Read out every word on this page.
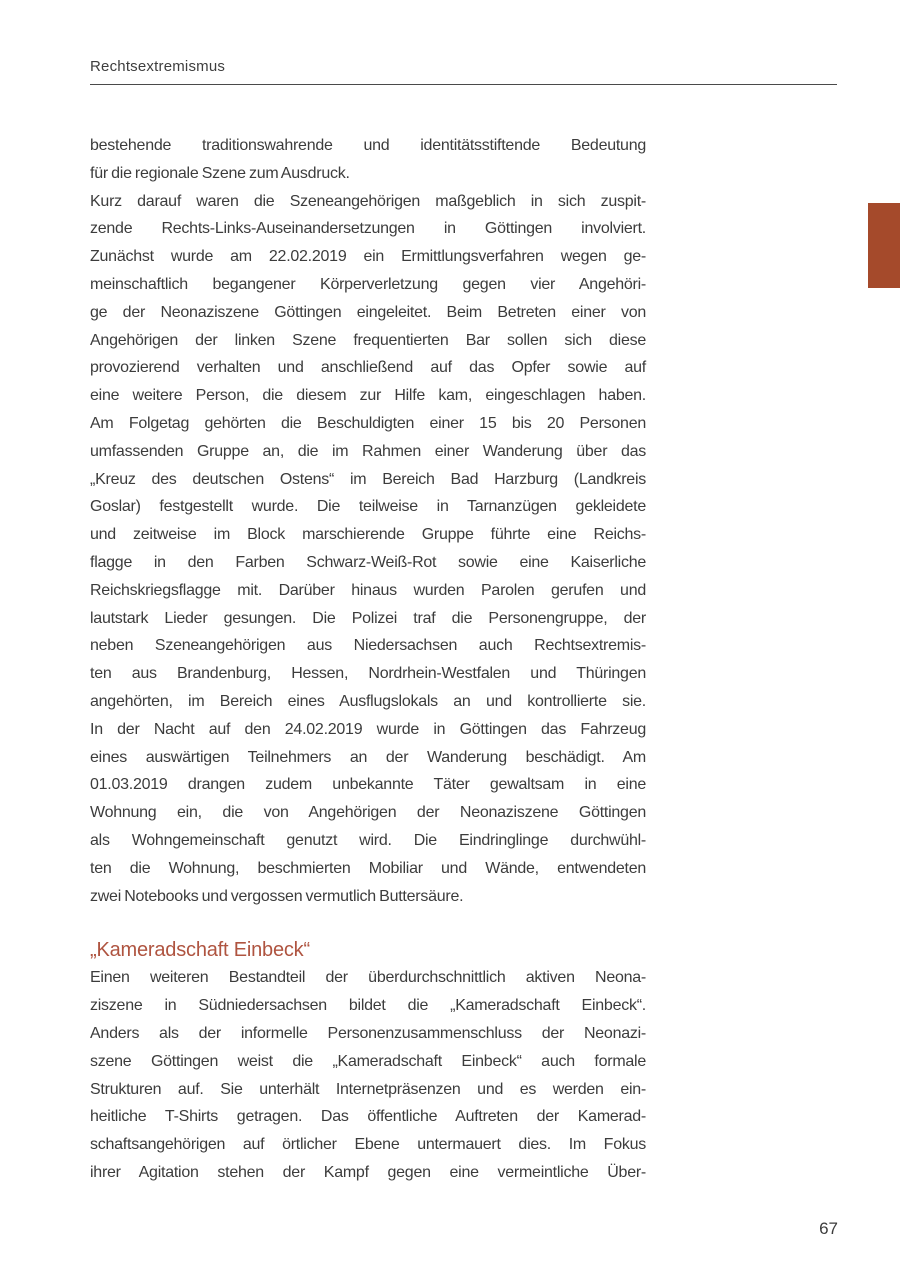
Rechtsextremismus
bestehende traditionswahrende und identitätsstiftende Bedeutung
für die regionale Szene zum Ausdruck.
Kurz darauf waren die Szeneangehörigen maßgeblich in sich zuspit-
zende Rechts-Links-Auseinandersetzungen in Göttingen involviert.
Zunächst wurde am 22.02.2019 ein Ermittlungsverfahren wegen ge-
meinschaftlich begangener Körperverletzung gegen vier Angehöri-
ge der Neonaziszene Göttingen eingeleitet. Beim Betreten einer von
Angehörigen der linken Szene frequentierten Bar sollen sich diese
provozierend verhalten und anschließend auf das Opfer sowie auf
eine weitere Person, die diesem zur Hilfe kam, eingeschlagen haben.
Am Folgetag gehörten die Beschuldigten einer 15 bis 20 Personen
umfassenden Gruppe an, die im Rahmen einer Wanderung über das
„Kreuz des deutschen Ostens“ im Bereich Bad Harzburg (Landkreis
Goslar) festgestellt wurde. Die teilweise in Tarnanzügen gekleidete
und zeitweise im Block marschierende Gruppe führte eine Reichs-
flagge in den Farben Schwarz-Weiß-Rot sowie eine Kaiserliche
Reichskriegsflagge mit. Darüber hinaus wurden Parolen gerufen und
lautstark Lieder gesungen. Die Polizei traf die Personengruppe, der
neben Szeneangehörigen aus Niedersachsen auch Rechtsextremis-
ten aus Brandenburg, Hessen, Nordrhein-Westfalen und Thüringen
angehörten, im Bereich eines Ausflugslokals an und kontrollierte sie.
In der Nacht auf den 24.02.2019 wurde in Göttingen das Fahrzeug
eines auswärtigen Teilnehmers an der Wanderung beschädigt. Am
01.03.2019 drangen zudem unbekannte Täter gewaltsam in eine
Wohnung ein, die von Angehörigen der Neonaziszene Göttingen
als Wohngemeinschaft genutzt wird. Die Eindringlinge durchwühl-
ten die Wohnung, beschmierten Mobiliar und Wände, entwendeten
zwei Notebooks und vergossen vermutlich Buttersäure.
„Kameradschaft Einbeck“
Einen weiteren Bestandteil der überdurchschnittlich aktiven Neona-
ziszene in Südniedersachsen bildet die „Kameradschaft Einbeck“.
Anders als der informelle Personenzusammenschluss der Neonazi-
szene Göttingen weist die „Kameradschaft Einbeck“ auch formale
Strukturen auf. Sie unterhält Internetpräsenzen und es werden ein-
heitliche T-Shirts getragen. Das öffentliche Auftreten der Kamerad-
schaftsangehörigen auf örtlicher Ebene untermauert dies. Im Fokus
ihrer Agitation stehen der Kampf gegen eine vermeintliche Über-
67
